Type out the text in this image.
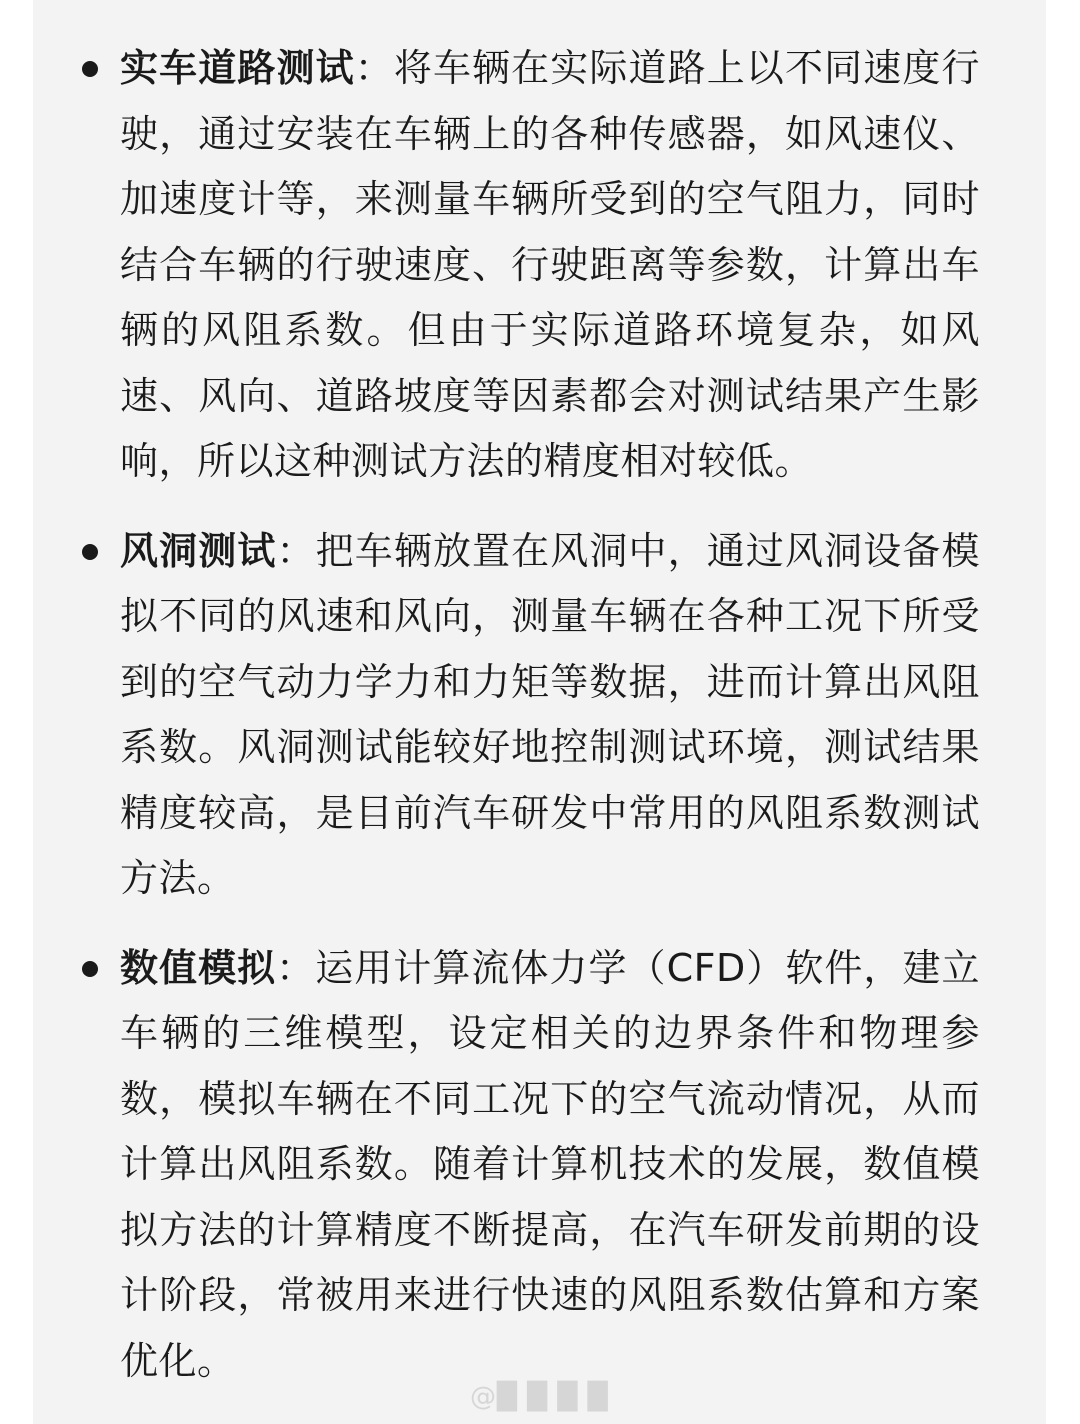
实车道路测试：将车辆在实际道路上以不同速度行驶，通过安装在车辆上的各种传感器，如风速仪、加速度计等，来测量车辆所受到的空气阻力，同时结合车辆的行驶速度、行驶距离等参数，计算出车辆的风阻系数。但由于实际道路环境复杂，如风速、风向、道路坡度等因素都会对测试结果产生影响，所以这种测试方法的精度相对较低。

风洞测试：把车辆放置在风洞中，通过风洞设备模拟不同的风速和风向，测量车辆在各种工况下所受到的空气动力学力和力矩等数据，进而计算出风阻系数。风洞测试能较好地控制测试环境，测试结果精度较高，是目前汽车研发中常用的风阻系数测试方法。

数值模拟：运用计算流体力学（CFD）软件，建立车辆的三维模型，设定相关的边界条件和物理参数，模拟车辆在不同工况下的空气流动情况，从而计算出风阻系数。随着计算机技术的发展，数值模拟方法的计算精度不断提高，在汽车研发前期的设计阶段，常被用来进行快速的风阻系数估算和方案优化。

@█ █ █ █
